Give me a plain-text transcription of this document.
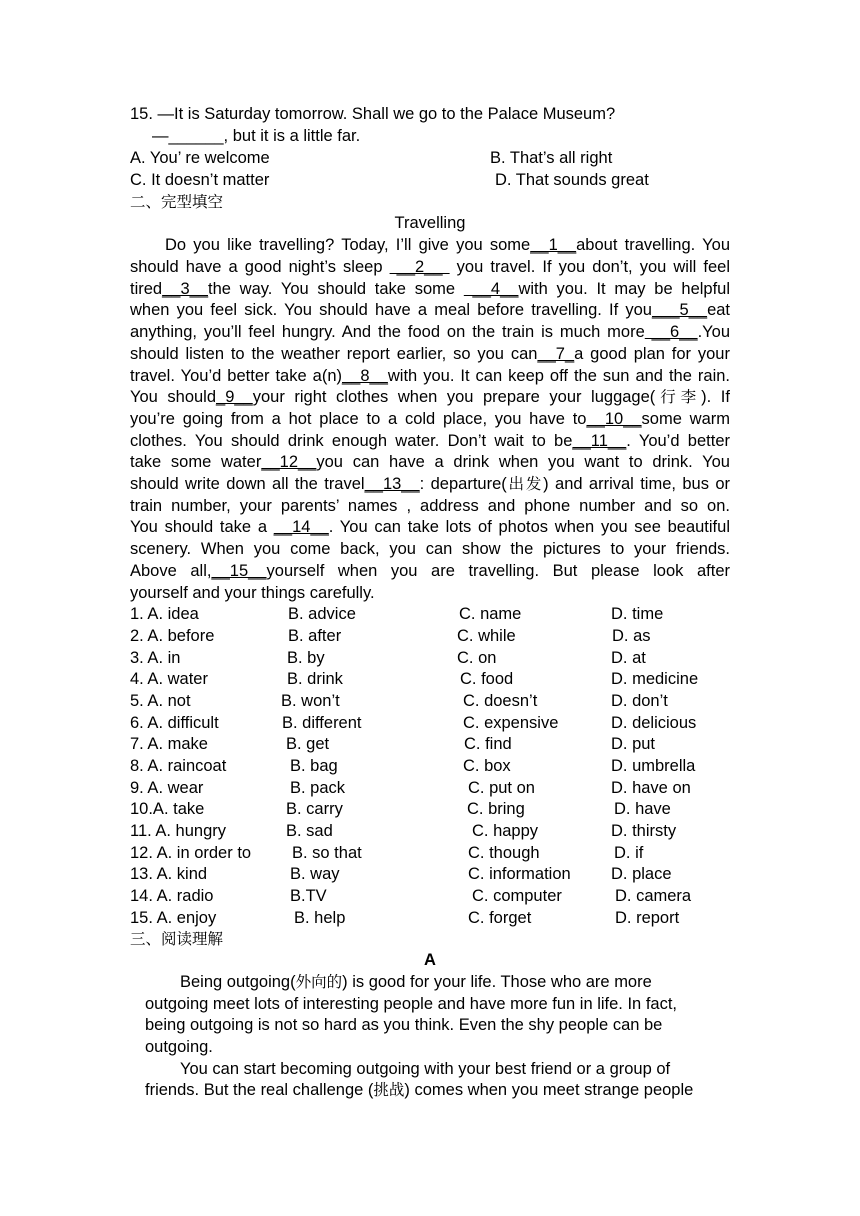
15. —It is Saturday tomorrow. Shall we go to the Palace Museum?
—______, but it is a little far.
A. You’ re welcome	B. That’s all right
C. It doesn’t matter	D. That sounds great
二、完型填空
Travelling
Do you like travelling? Today, I’ll give you some__1__about travelling. You
should have a good night’s sleep  __2__  you travel. If you don’t, you will feel
tired__3__the way. You should take some  __4__with you. It may be helpful
when you feel sick. You should have a meal before travelling. If you___5__eat
anything, you’ll feel hungry. And the food on the train is much more __6__.You
should listen to the weather report earlier, so you can__7_a good plan for your
travel. You’d better take a(n)__8__with you. It can keep off the sun and the rain.
You should_9__your right clothes when you prepare your luggage(行李). If
you’re going from a hot place to a cold place, you have to__10__some warm
clothes. You should drink enough water. Don’t wait to be__11__. You’d better
take some water__12__you can have a drink when you want to drink. You
should write down all the travel__13__: departure(出发) and arrival time, bus or
train number, your parents’ names , address and phone number and so on.
You should take a __14__. You can take lots of photos when you see beautiful
scenery. When you come back, you can show the pictures to your friends.
Above all,__15__yourself when you are travelling. But please look after
yourself and your things carefully.
1. A. idea	B. advice	C. name	D. time
2. A. before	B. after	C. while	D. as
3. A. in	B. by	C. on	D. at
4. A. water	B. drink	C. food	D. medicine
5. A. not	B. won’t	C. doesn’t	D. don’t
6. A. difficult	B. different	C. expensive	D. delicious
7. A. make	B. get	C. find	D. put
8. A. raincoat	B. bag	C. box	D. umbrella
9. A. wear	B. pack	C. put on	D. have on
10.A. take	B. carry	C. bring	D. have
11. A. hungry	B. sad	C. happy	D. thirsty
12. A. in order to B. so that	C. though	D. if
13. A. kind	B. way	C. information D. place
14. A. radio	B.TV	C. computer	D. camera
15. A. enjoy	B. help	C. forget	D. report
三、阅读理解
A
Being outgoing(外向的) is good for your life. Those who are more
outgoing meet lots of interesting people and have more fun in life. In fact,
being outgoing is not so hard as you think. Even the shy people can be
outgoing.
You can start becoming outgoing with your best friend or a group of
friends. But the real challenge (挑战) comes when you meet strange people
